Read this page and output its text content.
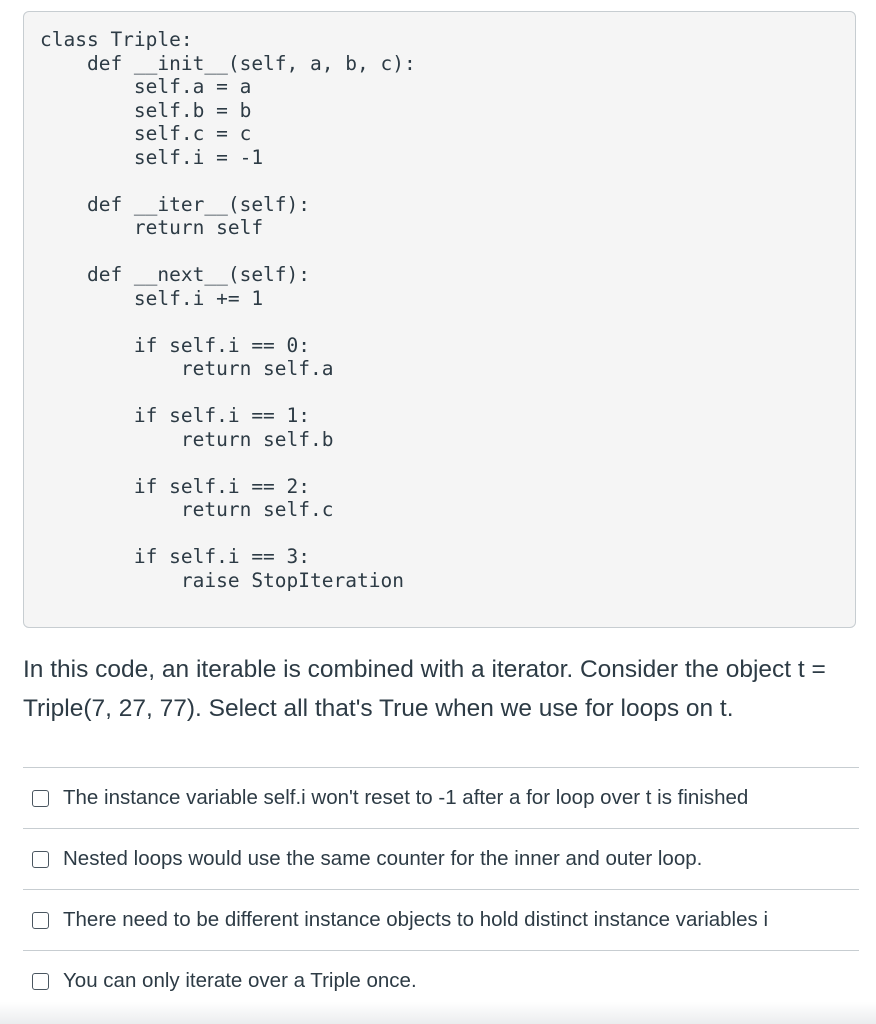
class Triple:
def __init__(self, a, b, c):
self.a = a
self.b = b
self.c = c
self.i = -1

def __iter__(self):
return self

def __next__(self):
self.i += 1

if self.i == 0:
return self.a

if self.i == 1:
return self.b

if self.i == 2:
return self.c

if self.i == 3:
raise StopIteration

In this code, an iterable is combined with a iterator. Consider the object t = Triple(7, 27, 77). Select all that's True when we use for loops on t.

The instance variable self.i won't reset to -1 after a for loop over t is finished
Nested loops would use the same counter for the inner and outer loop.
There need to be different instance objects to hold distinct instance variables i
You can only iterate over a Triple once.
